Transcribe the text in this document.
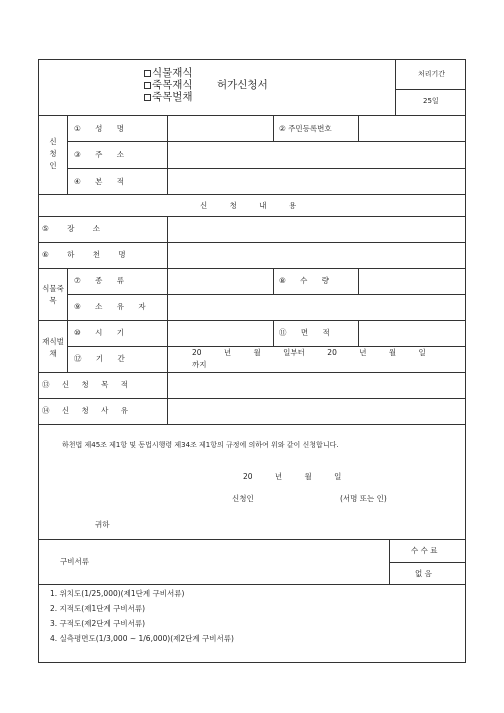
식물재식
죽목재식
죽목벌채
허가신청서
처리기간
25일
신청인
① 성 명	② 주민등록번호
③ 주 소
④ 본 적
신 청 내 용
⑤ 장 소
⑥ 하 천 명
식물죽목
⑦ 종 류	⑧ 수 량
⑨ 소 유 자
재식벌채
⑩ 시 기	⑪ 면 적
⑫ 기 간
20 년 월 일부터 20 년 월 일
까지
⑬ 신 청 목 적
⑭ 신 청 사 유
하천법 제45조 제1항 및 동법시행령 제34조 제1항의 규정에 의하여 위와 같이 신청합니다.
20 년 월 일
신청인	(서명 또는 인)
귀하
구비서류
수 수 료
없 음
1. 위치도(1/25,000)(제1단계 구비서류)
2. 지적도(제1단계 구비서류)
3. 구적도(제2단계 구비서류)
4. 실측평면도(1/3,000 ~ 1/6,000)(제2단계 구비서류)
